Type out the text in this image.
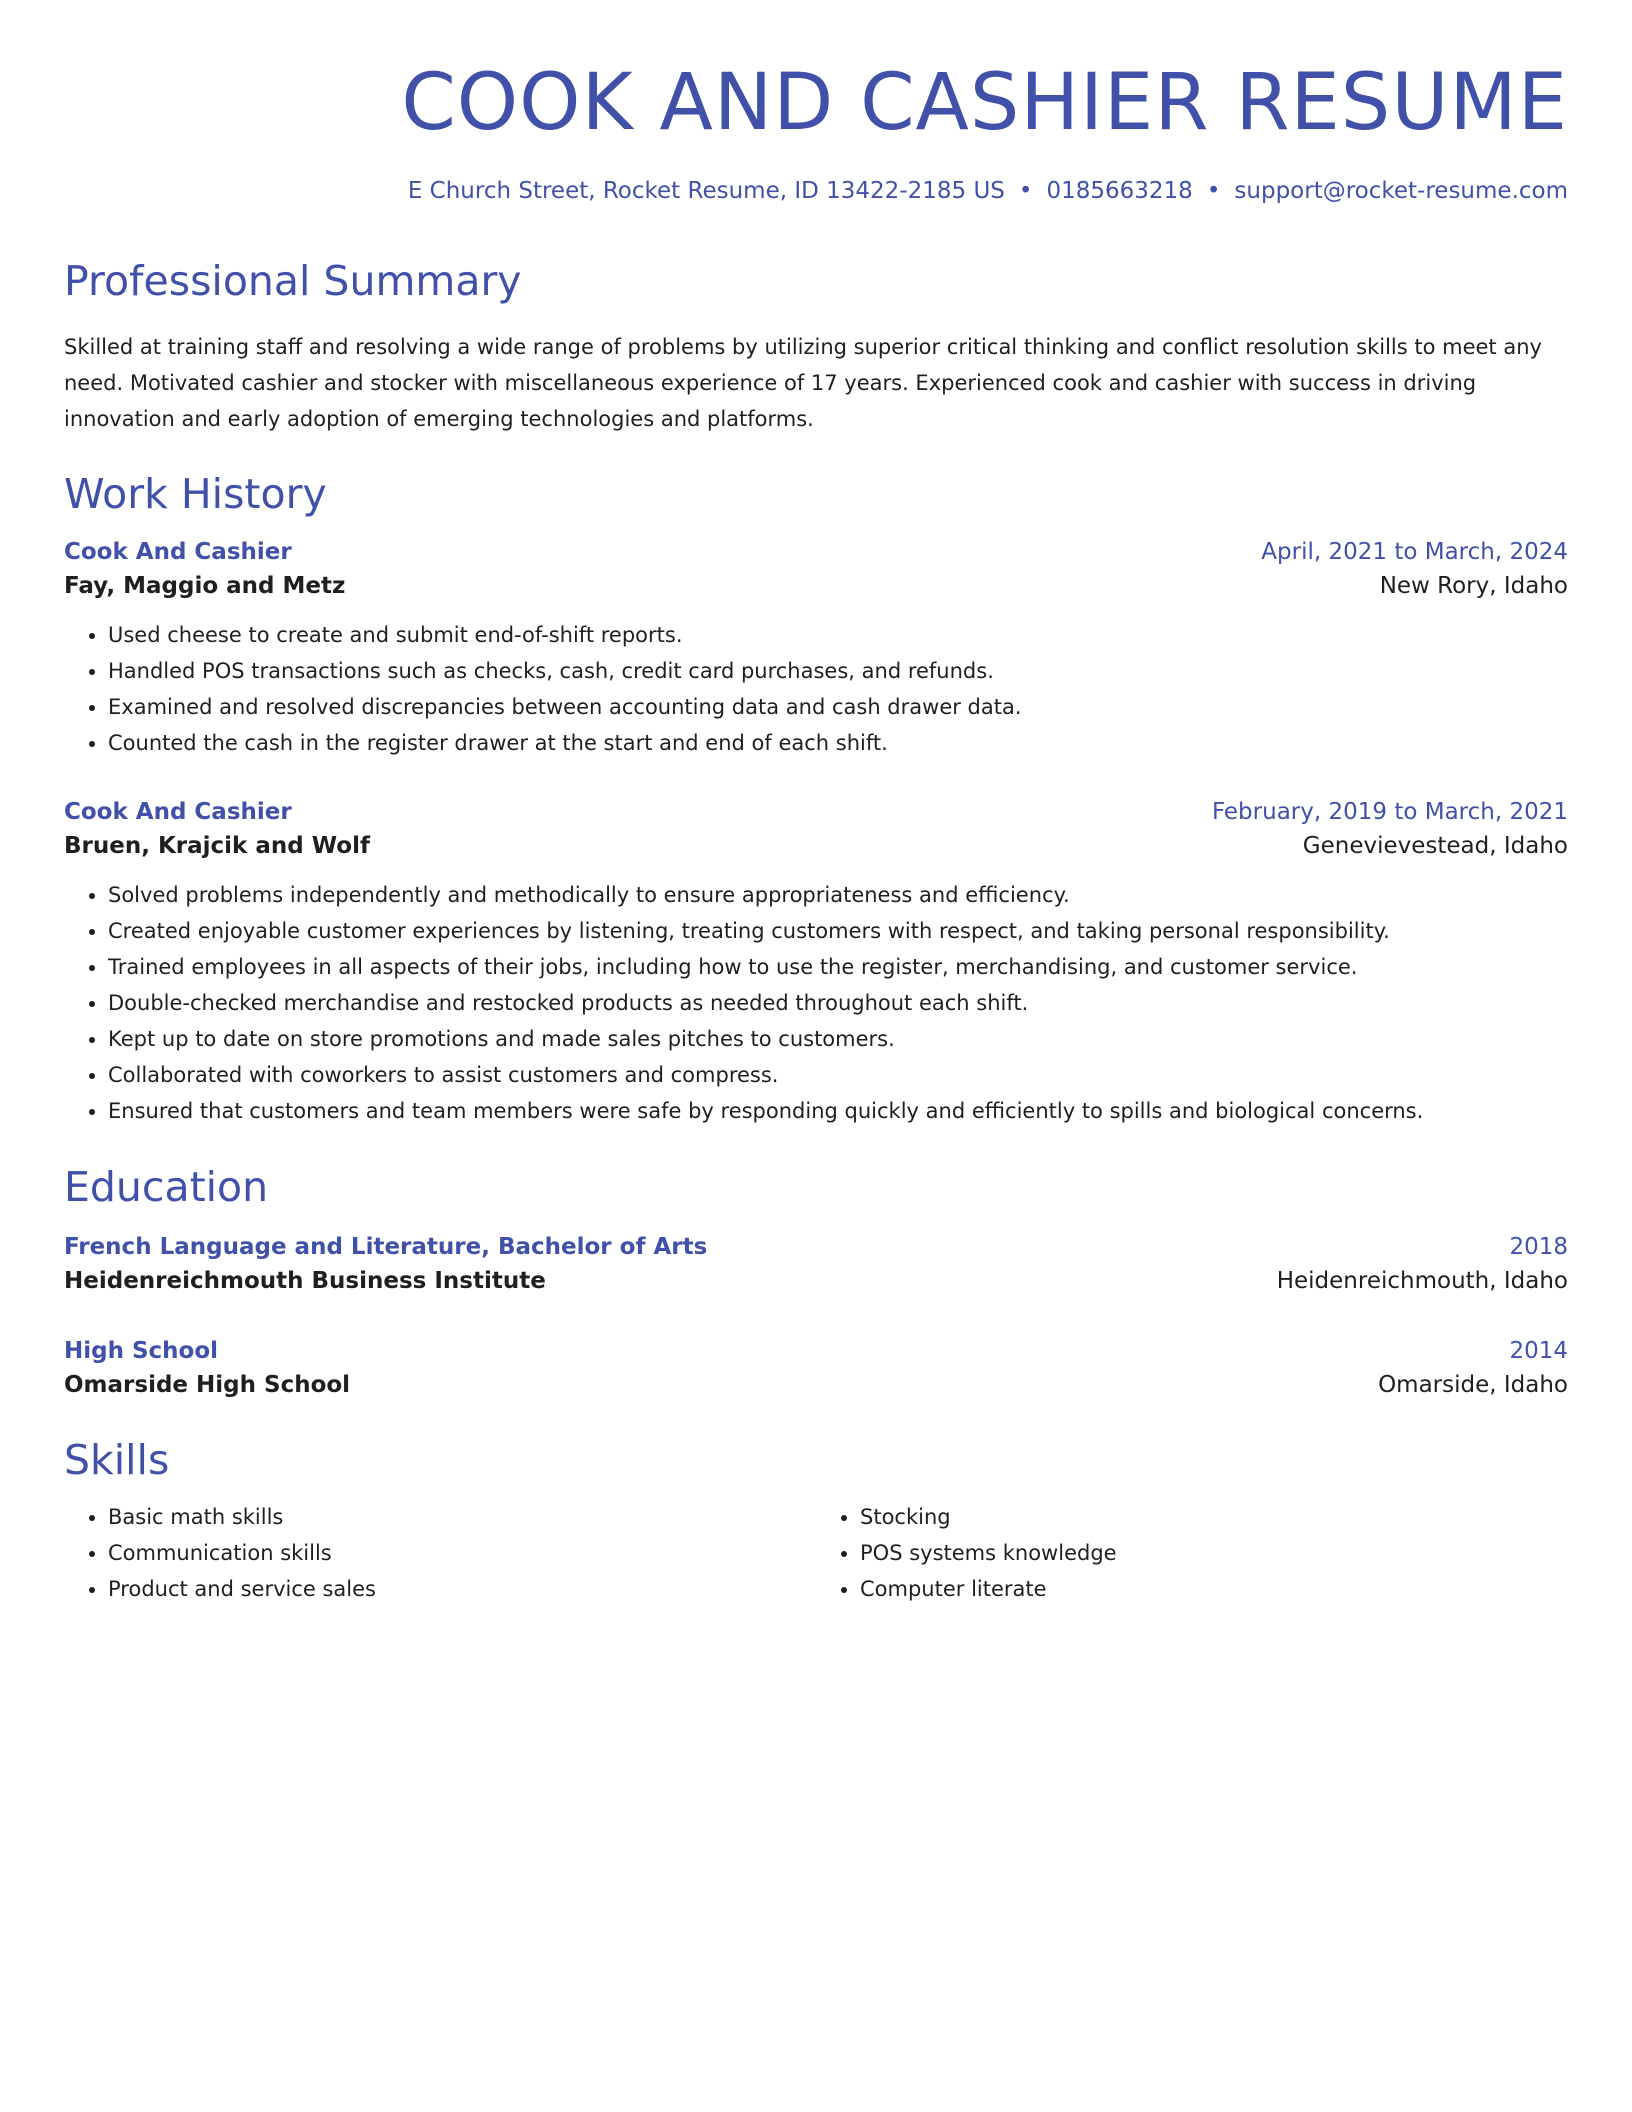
COOK AND CASHIER RESUME
E Church Street, Rocket Resume, ID 13422-2185 US • 0185663218 • support@rocket-resume.com
Professional Summary
Skilled at training staff and resolving a wide range of problems by utilizing superior critical thinking and conflict resolution skills to meet any need. Motivated cashier and stocker with miscellaneous experience of 17 years. Experienced cook and cashier with success in driving innovation and early adoption of emerging technologies and platforms.
Work History
Cook And Cashier	April, 2021 to March, 2024
Fay, Maggio and Metz	New Rory, Idaho
• Used cheese to create and submit end-of-shift reports.
• Handled POS transactions such as checks, cash, credit card purchases, and refunds.
• Examined and resolved discrepancies between accounting data and cash drawer data.
• Counted the cash in the register drawer at the start and end of each shift.
Cook And Cashier	February, 2019 to March, 2021
Bruen, Krajcik and Wolf	Genevievestead, Idaho
• Solved problems independently and methodically to ensure appropriateness and efficiency.
• Created enjoyable customer experiences by listening, treating customers with respect, and taking personal responsibility.
• Trained employees in all aspects of their jobs, including how to use the register, merchandising, and customer service.
• Double-checked merchandise and restocked products as needed throughout each shift.
• Kept up to date on store promotions and made sales pitches to customers.
• Collaborated with coworkers to assist customers and compress.
• Ensured that customers and team members were safe by responding quickly and efficiently to spills and biological concerns.
Education
French Language and Literature, Bachelor of Arts	2018
Heidenreichmouth Business Institute	Heidenreichmouth, Idaho
High School	2014
Omarside High School	Omarside, Idaho
Skills
• Basic math skills
• Communication skills
• Product and service sales
• Stocking
• POS systems knowledge
• Computer literate
